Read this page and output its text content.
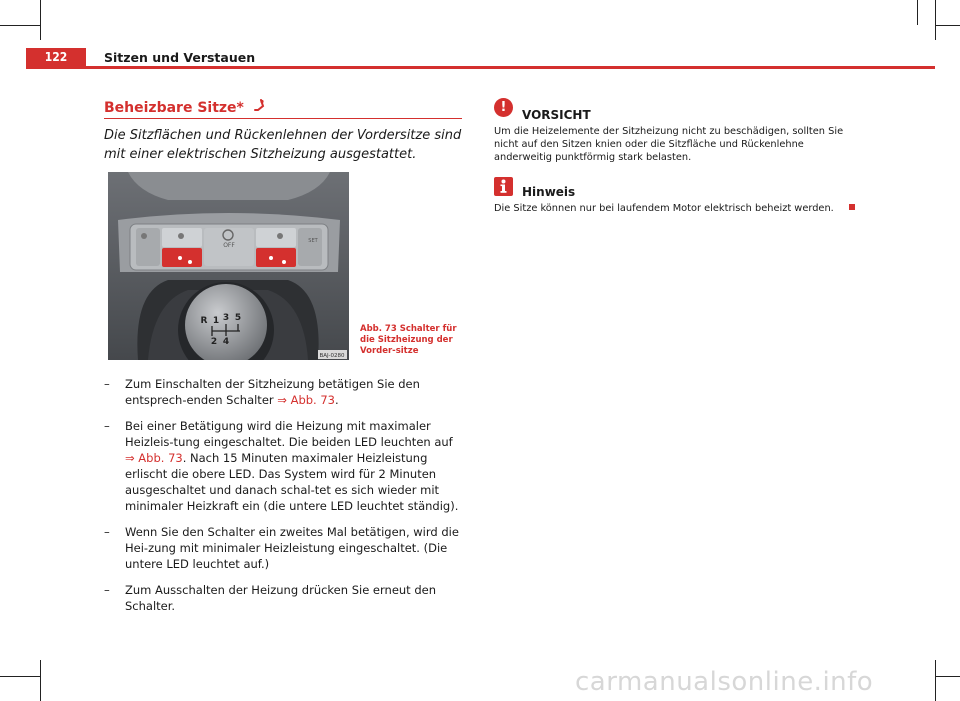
122	Sitzen und Verstauen
Beheizbare Sitze*
Die Sitzflächen und Rückenlehnen der Vordersitze sind mit einer elektrischen Sitzheizung ausgestattet.
OFF
SET
R 1 3 5
2 4
BAJ-0280
Abb. 73 Schalter für die Sitzheizung der Vorder-sitze
– Zum Einschalten der Sitzheizung betätigen Sie den entsprech-enden Schalter ⇒ Abb. 73.
– Bei einer Betätigung wird die Heizung mit maximaler Heizleis-tung eingeschaltet. Die beiden LED leuchten auf ⇒ Abb. 73. Nach 15 Minuten maximaler Heizleistung erlischt die obere LED. Das System wird für 2 Minuten ausgeschaltet und danach schal-tet es sich wieder mit minimaler Heizkraft ein (die untere LED leuchtet ständig).
– Wenn Sie den Schalter ein zweites Mal betätigen, wird die Hei-zung mit minimaler Heizleistung eingeschaltet. (Die untere LED leuchtet auf.)
– Zum Ausschalten der Heizung drücken Sie erneut den Schalter.
!	VORSICHT
Um die Heizelemente der Sitzheizung nicht zu beschädigen, sollten Sie nicht auf den Sitzen knien oder die Sitzfläche und Rückenlehne anderweitig punktförmig stark belasten.
Hinweis
Die Sitze können nur bei laufendem Motor elektrisch beheizt werden.
carmanualsonline.info
